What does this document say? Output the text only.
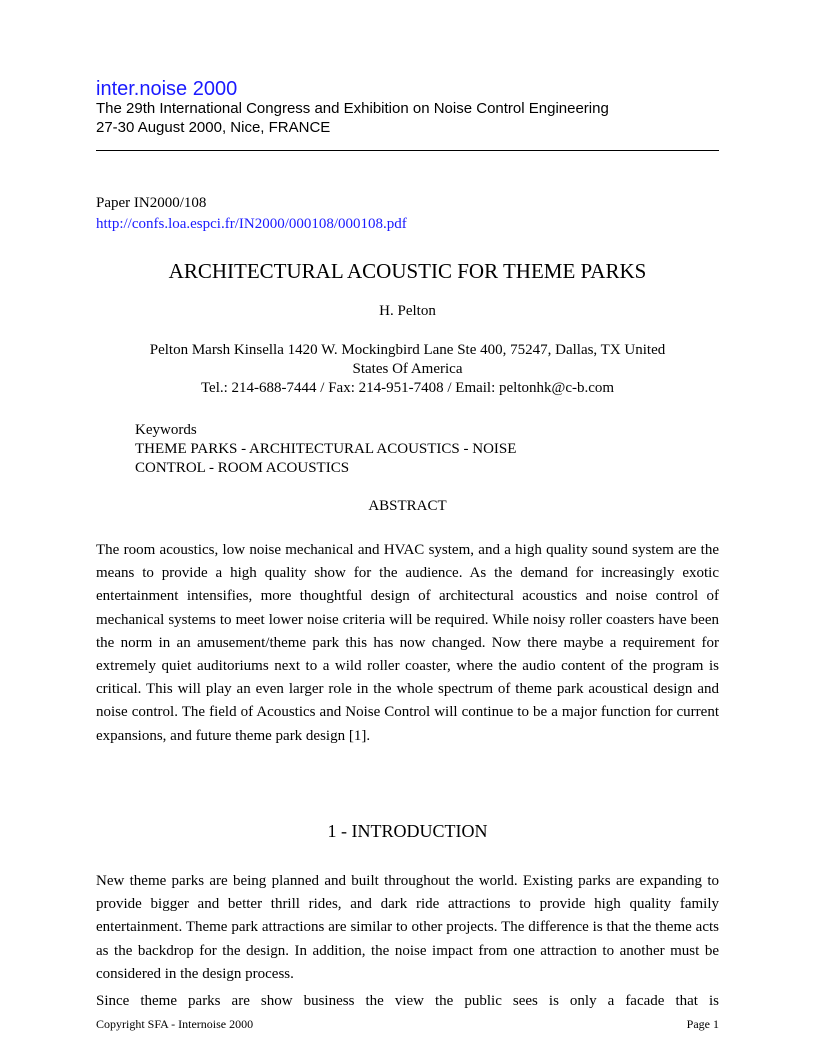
inter.noise 2000
The 29th International Congress and Exhibition on Noise Control Engineering
27-30 August 2000, Nice, FRANCE
Paper IN2000/108
http://confs.loa.espci.fr/IN2000/000108/000108.pdf
ARCHITECTURAL ACOUSTIC FOR THEME PARKS
H. Pelton
Pelton Marsh Kinsella 1420 W. Mockingbird Lane Ste 400, 75247, Dallas, TX United
States Of America
Tel.: 214-688-7444 / Fax: 214-951-7408 / Email: peltonhk@c-b.com
Keywords
THEME PARKS - ARCHITECTURAL ACOUSTICS - NOISE
CONTROL - ROOM ACOUSTICS
ABSTRACT

The room acoustics, low noise mechanical and HVAC system, and a high quality sound system are the means to provide a high quality show for the audience. As the demand for increasingly exotic entertainment intensifies, more thoughtful design of architectural acoustics and noise control of mechanical systems to meet lower noise criteria will be required. While noisy roller coasters have been the norm in an amusement/theme park this has now changed. Now there maybe a requirement for extremely quiet auditoriums next to a wild roller coaster, where the audio content of the program is critical. This will play an even larger role in the whole spectrum of theme park acoustical design and noise control. The field of Acoustics and Noise Control will continue to be a major function for current expansions, and future theme park design [1].

1 - INTRODUCTION

New theme parks are being planned and built throughout the world. Existing parks are expanding to provide bigger and better thrill rides, and dark ride attractions to provide high quality family entertainment. Theme park attractions are similar to other projects. The difference is that the theme acts as the backdrop for the design. In addition, the noise impact from one attraction to another must be considered in the design process.

Since theme parks are show business the view the public sees is only a facade that is

Copyright SFA - Internoise 2000	Page 1
